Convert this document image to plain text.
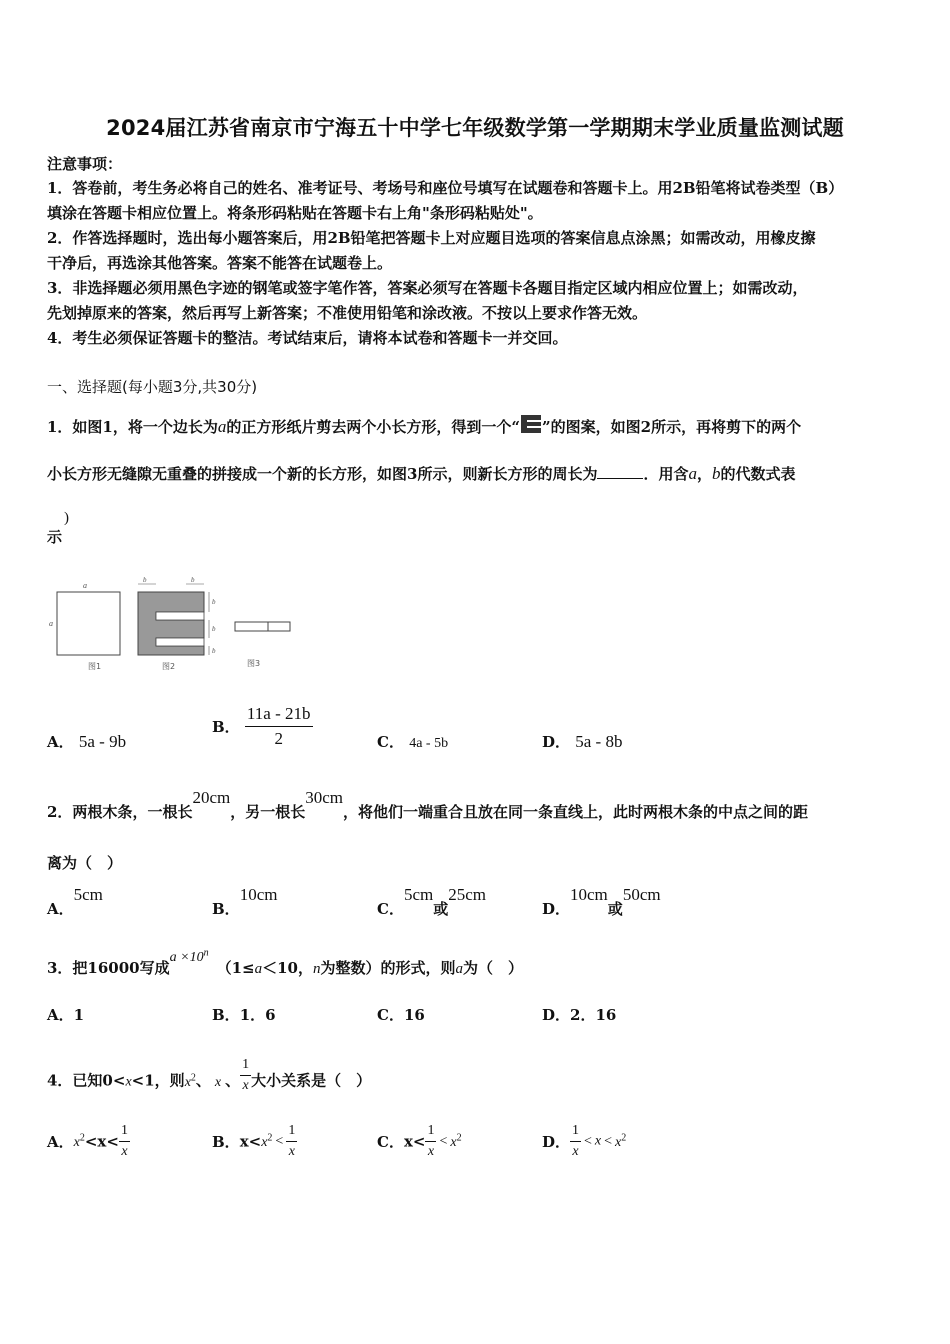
2024届江苏省南京市宁海五十中学七年级数学第一学期期末学业质量监测试题
注意事项：
1．答卷前，考生务必将自己的姓名、准考证号、考场号和座位号填写在试题卷和答题卡上。用2B铅笔将试卷类型（B）
填涂在答题卡相应位置上。将条形码粘贴在答题卡右上角"条形码粘贴处"。
2．作答选择题时，选出每小题答案后，用2B铅笔把答题卡上对应题目选项的答案信息点涂黑；如需改动，用橡皮擦
干净后，再选涂其他答案。答案不能答在试题卷上。
3．非选择题必须用黑色字迹的钢笔或签字笔作答，答案必须写在答题卡各题目指定区域内相应位置上；如需改动，
先划掉原来的答案，然后再写上新答案；不准使用铅笔和涂改液。不按以上要求作答无效。
4．考生必须保证答题卡的整洁。考试结束后，请将本试卷和答题卡一并交回。
一、选择题(每小题3分,共30分)
1．如图1，将一个边长为a的正方形纸片剪去两个小长方形，得到一个“ ”的图案，如图2所示，再将剪下的两个
小长方形无缝隙无重叠的拼接成一个新的长方形，如图3所示，则新长方形的周长为	．用含a，b的代数式表
示
)
a
a
图1
b	b
b
b
b
图2	图3
A． 5a - 9b
B． $\frac{11a - 21b}{2}$	C． 4a - 5b	D． 5a - 8b
2．两根木条，一根长20cm，另一根长30cm，将他们一端重合且放在同一条直线上，此时两根木条的中点之间的距
离为（　）
A．5cm
B．10cm
C．5cm或25cm
D．10cm或50cm
3．把16000写成$a \times 10^n(1\le a<10$，n为整数）的形式，则a为（　）
A．1	B．1．6	C．16	D．2．16
4．已知0<x<1，则$x^2$、 x 、 $\frac{1}{x}$ 大小关系是（　）
A．$x^2<x< \frac{1}{x}$	B．$x<x^2 < \frac{1}{x}$	C．$x< \frac{1}{x} < x^2$	D． $\frac{1}{x} < x < x^2$
